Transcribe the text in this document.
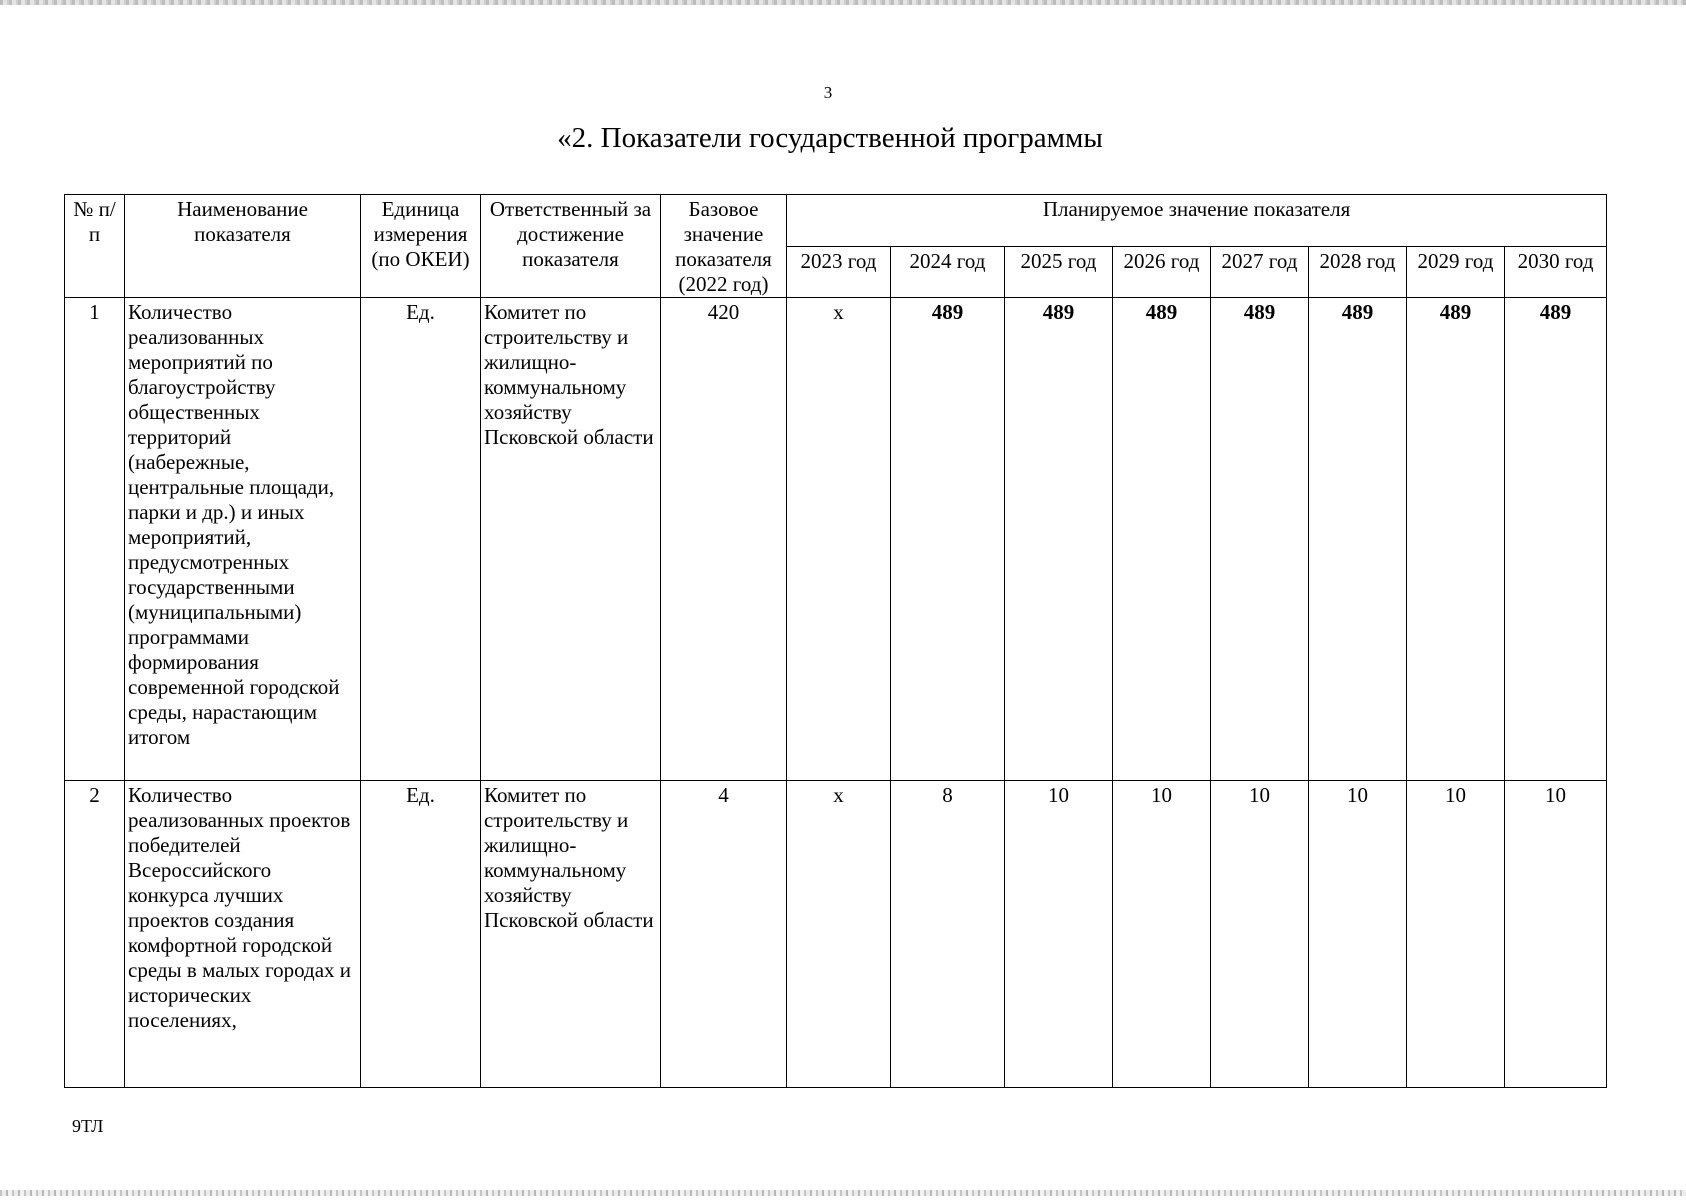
3
«2. Показатели государственной программы
№ п/п	Наименование показателя	Единица измерения (по ОКЕИ)	Ответственный за достижение показателя	Базовое значение показателя (2022 год)	Планируемое значение показателя							
					2023 год	2024 год	2025 год	2026 год	2027 год	2028 год	2029 год	2030 год
1	Количество реализованных мероприятий по благоустройству общественных территорий (набережные, центральные площади, парки и др.) и иных мероприятий, предусмотренных государственными (муниципальными) программами формирования современной городской среды, нарастающим итогом	Ед.	Комитет по строительству и жилищно-коммунальному хозяйству Псковской области	420	х	489	489	489	489	489	489	489
2	Количество реализованных проектов победителей Всероссийского конкурса лучших проектов создания комфортной городской среды в малых городах и исторических поселениях,	Ед.	Комитет по строительству и жилищно-коммунальному хозяйству Псковской области	4	х	8	10	10	10	10	10	10
9ТЛ
